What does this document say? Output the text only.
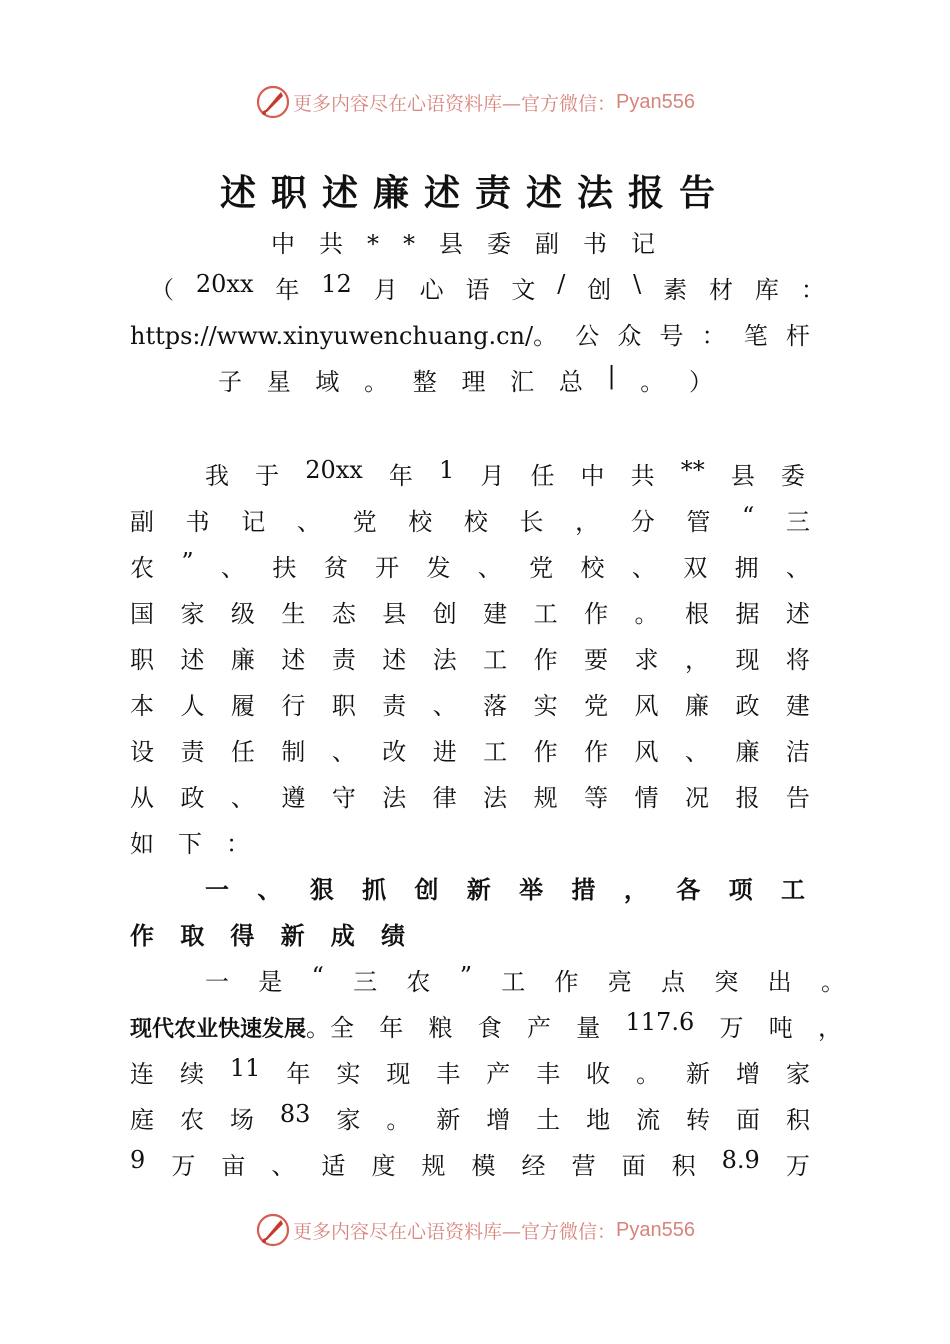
更多内容尽在心语资料库—官方微信： Pyan556
述职述廉述责述法报告
中共**县委副书记
（ 20xx 年 12 月 心 语 文 / 创 \ 素 材 库 ：
https://www.xinyuwenchuang.cn/。 公 众 号 ： 笔 杆
子 星 域 。 整 理 汇 总 | 。 ）
我 于 20xx 年 1 月 任 中 共 ** 县 委
副 书 记 、 党 校 校 长 ， 分 管 “ 三
农 ” 、 扶 贫 开 发 、 党 校 、 双 拥 、
国 家 级 生 态 县 创 建 工 作 。 根 据 述
职 述 廉 述 责 述 法 工 作 要 求 ， 现 将
本 人 履 行 职 责 、 落 实 党 风 廉 政 建
设 责 任 制 、 改 进 工 作 作 风 、 廉 洁
从 政 、 遵 守 法 律 法 规 等 情 况 报 告
如 下 ：
一 、 狠 抓 创 新 举 措 ， 各 项 工
作 取 得 新 成 绩
一 是 “ 三 农 ” 工 作 亮 点 突 出 。
现代农业快速发展 。全 年 粮 食 产 量 117.6 万 吨 ，
连 续 11 年 实 现 丰 产 丰 收 。 新 增 家
庭 农 场 83 家 。 新 增 土 地 流 转 面 积
9 万 亩 、 适 度 规 模 经 营 面 积 8.9 万
更多内容尽在心语资料库—官方微信： Pyan556
